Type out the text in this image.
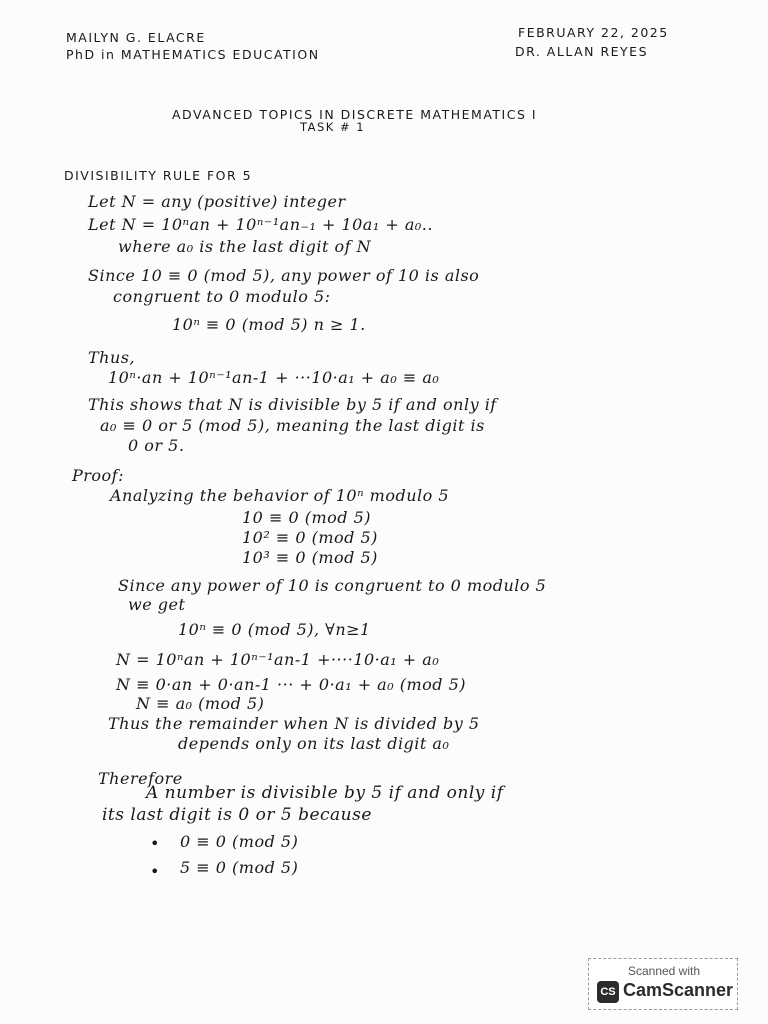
MAILYN G. ELACRE
PhD in MATHEMATICS EDUCATION
FEBRUARY 22, 2025
DR. ALLAN REYES
ADVANCED TOPICS IN DISCRETE MATHEMATICS I
TASK # 1
DIVISIBILITY RULE FOR 5
Let N = any (positive) integer
Let N = 10ⁿan + 10ⁿ⁻¹an₋₁ + 10a₁ + a₀..
where a₀ is the last digit of N
Since 10 ≡ 0 (mod 5), any power of 10 is also
congruent to 0 modulo 5:
10ⁿ ≡ 0 (mod 5) n ≥ 1.
Thus,
10ⁿ·an + 10ⁿ⁻¹an-1 + ···10·a₁ + a₀ ≡ a₀
This shows that N is divisible by 5 if and only if
a₀ ≡ 0 or 5 (mod 5), meaning the last digit is
0 or 5.
Proof:
Analyzing the behavior of 10ⁿ modulo 5
10 ≡ 0 (mod 5)
10² ≡ 0 (mod 5)
10³ ≡ 0 (mod 5)
Since any power of 10 is congruent to 0 modulo 5
we get
10ⁿ ≡ 0 (mod 5), ∀n≥1
N = 10ⁿan + 10ⁿ⁻¹an-1 +····10·a₁ + a₀
N ≡ 0·an + 0·an-1 ··· + 0·a₁ + a₀ (mod 5)
N ≡ a₀ (mod 5)
Thus the remainder when N is divided by 5
depends only on its last digit a₀
Therefore
A number is divisible by 5 if and only if
its last digit is 0 or 5 because
• 0 ≡ 0 (mod 5)
• 5 ≡ 0 (mod 5)
Scanned with
CS CamScanner
